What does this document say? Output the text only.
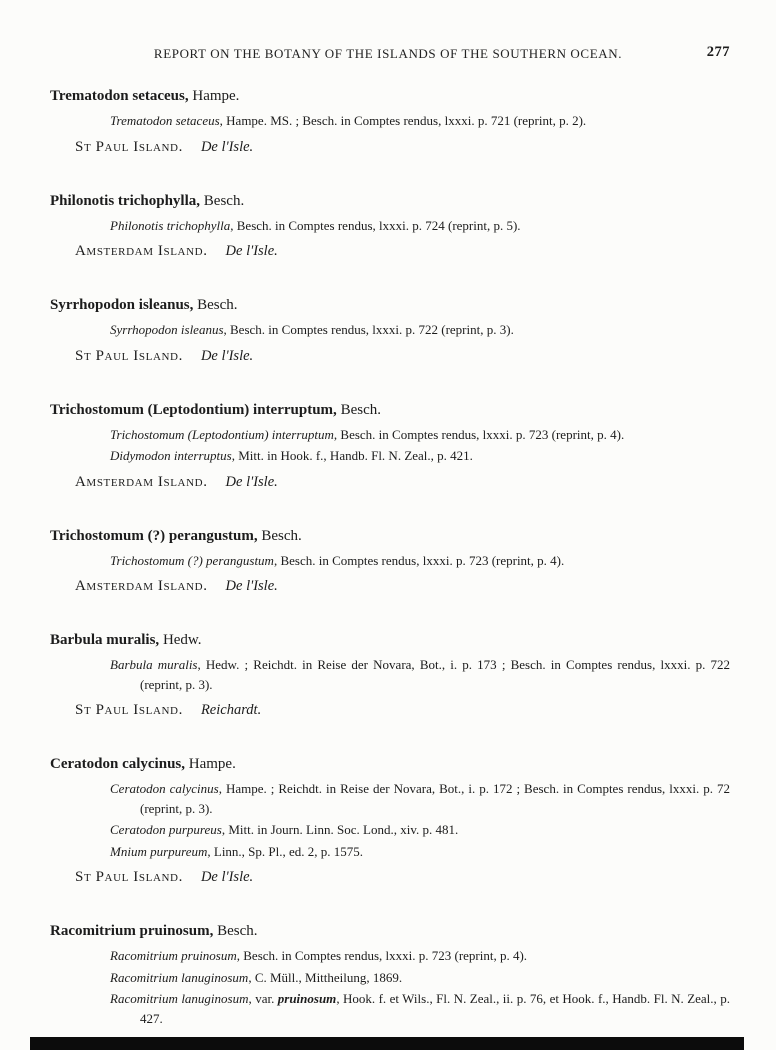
REPORT ON THE BOTANY OF THE ISLANDS OF THE SOUTHERN OCEAN.	277
Trematodon setaceus, Hampe.

Trematodon setaceus, Hampe. MS. ; Besch. in Comptes rendus, lxxxi. p. 721 (reprint, p. 2).

St Paul Island. De l'Isle.

Philonotis trichophylla, Besch.

Philonotis trichophylla, Besch. in Comptes rendus, lxxxi. p. 724 (reprint, p. 5).

Amsterdam Island. De l'Isle.

Syrrhopodon isleanus, Besch.

Syrrhopodon isleanus, Besch. in Comptes rendus, lxxxi. p. 722 (reprint, p. 3).

St Paul Island. De l'Isle.

Trichostomum (Leptodontium) interruptum, Besch.

Trichostomum (Leptodontium) interruptum, Besch. in Comptes rendus, lxxxi. p. 723 (reprint, p. 4).

Didymodon interruptus, Mitt. in Hook. f., Handb. Fl. N. Zeal., p. 421.

Amsterdam Island. De l'Isle.

Trichostomum (?) perangustum, Besch.

Trichostomum (?) perangustum, Besch. in Comptes rendus, lxxxi. p. 723 (reprint, p. 4).

Amsterdam Island. De l'Isle.

Barbula muralis, Hedw.

Barbula muralis, Hedw. ; Reichdt. in Reise der Novara, Bot., i. p. 173 ; Besch. in Comptes rendus, lxxxi. p. 722 (reprint, p. 3).

St Paul Island. Reichardt.

Ceratodon calycinus, Hampe.

Ceratodon calycinus, Hampe. ; Reichdt. in Reise der Novara, Bot., i. p. 172 ; Besch. in Comptes rendus, lxxxi. p. 72 (reprint, p. 3).

Ceratodon purpureus, Mitt. in Journ. Linn. Soc. Lond., xiv. p. 481.

Mnium purpureum, Linn., Sp. Pl., ed. 2, p. 1575.

St Paul Island. De l'Isle.

Racomitrium pruinosum, Besch.

Racomitrium pruinosum, Besch. in Comptes rendus, lxxxi. p. 723 (reprint, p. 4).

Racomitrium lanuginosum, C. Müll., Mittheilung, 1869.

Racomitrium lanuginosum, var. pruinosum, Hook. f. et Wils., Fl. N. Zeal., ii. p. 76, et Hook. f., Handb. Fl. N. Zeal., p. 427.
